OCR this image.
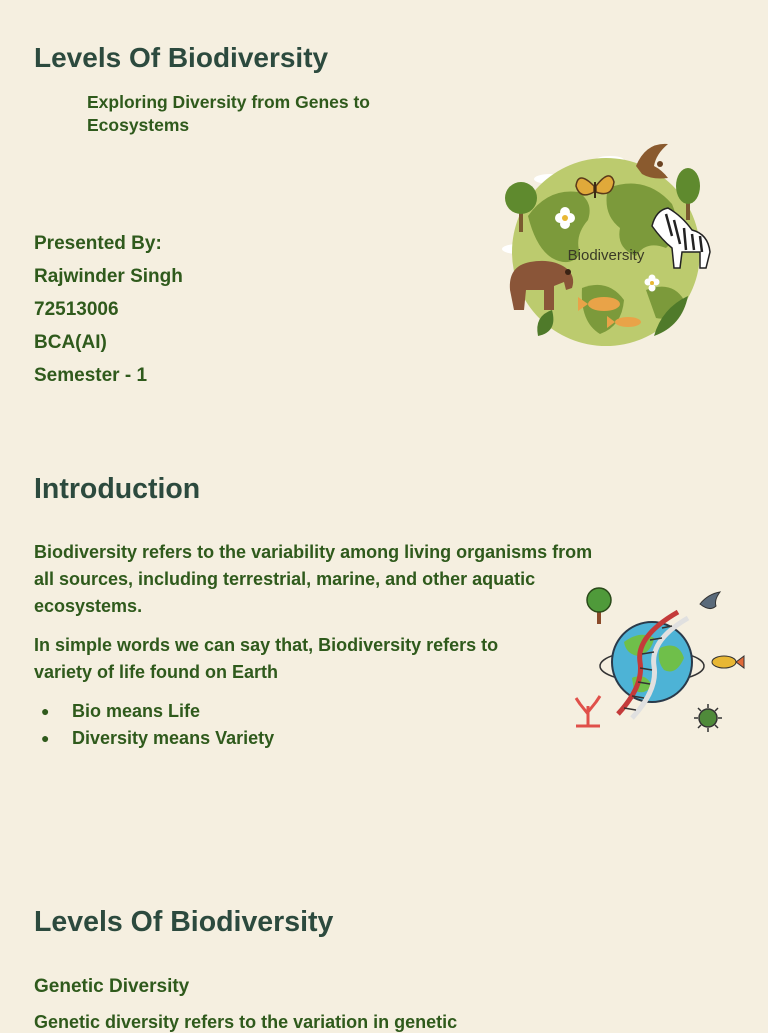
Levels Of Biodiversity

Exploring Diversity from Genes to Ecosystems

Presented By:
Rajwinder Singh
72513006
BCA(AI)
Semester - 1
Biodiversity
Introduction

Biodiversity refers to the variability among living organisms from all sources, including terrestrial, marine, and other aquatic ecosystems.

In simple words we can say that, Biodiversity refers to variety of life found on Earth

●	Bio means Life
●	Diversity means Variety
Levels Of Biodiversity
Genetic Diversity

Genetic diversity refers to the variation in genetic
